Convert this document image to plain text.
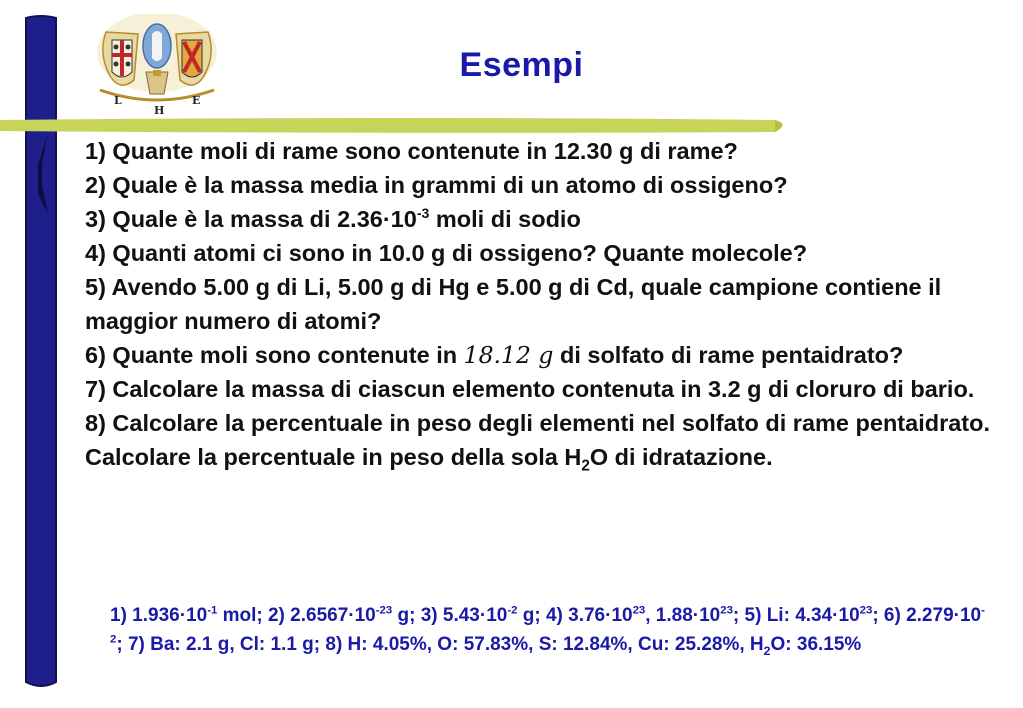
L
H
E
Esempi

1) Quante moli di rame sono contenute in 12.30 g di rame?

2) Quale è la massa media in grammi di un atomo di ossigeno?

3) Quale è la massa di $2.36\cdot 10^{-3}$ moli di sodio

4) Quanti atomi ci sono in 10.0 g di ossigeno? Quante molecole?

5) Avendo 5.00 g di Li, 5.00 g di Hg e 5.00 g di Cd, quale campione contiene il maggior numero di atomi?

6) Quante moli sono contenute in 18.12 g di solfato di rame pentaidrato?

7) Calcolare la massa di ciascun elemento contenuta in 3.2 g di cloruro di bario.

8) Calcolare la percentuale in peso degli elementi nel solfato di rame pentaidrato. Calcolare la percentuale in peso della sola $H_2O$ di idratazione.

1) $1.936\cdot 10^{-1}$ mol; 2) $2.6567\cdot 10^{-23}$ g; 3) $5.43\cdot 10^{-2}$ g; 4) $3.76\cdot 10^{23}$, $1.88\cdot 10^{23}$; 5) Li: $4.34\cdot 10^{23}$; 6) $2.279\cdot 10^{-2}$; 7) Ba: 2.1 g, Cl: 1.1 g; 8) H: 4.05%, O: 57.83%, S: 12.84%, Cu: 25.28%, $H_2O$: 36.15%
